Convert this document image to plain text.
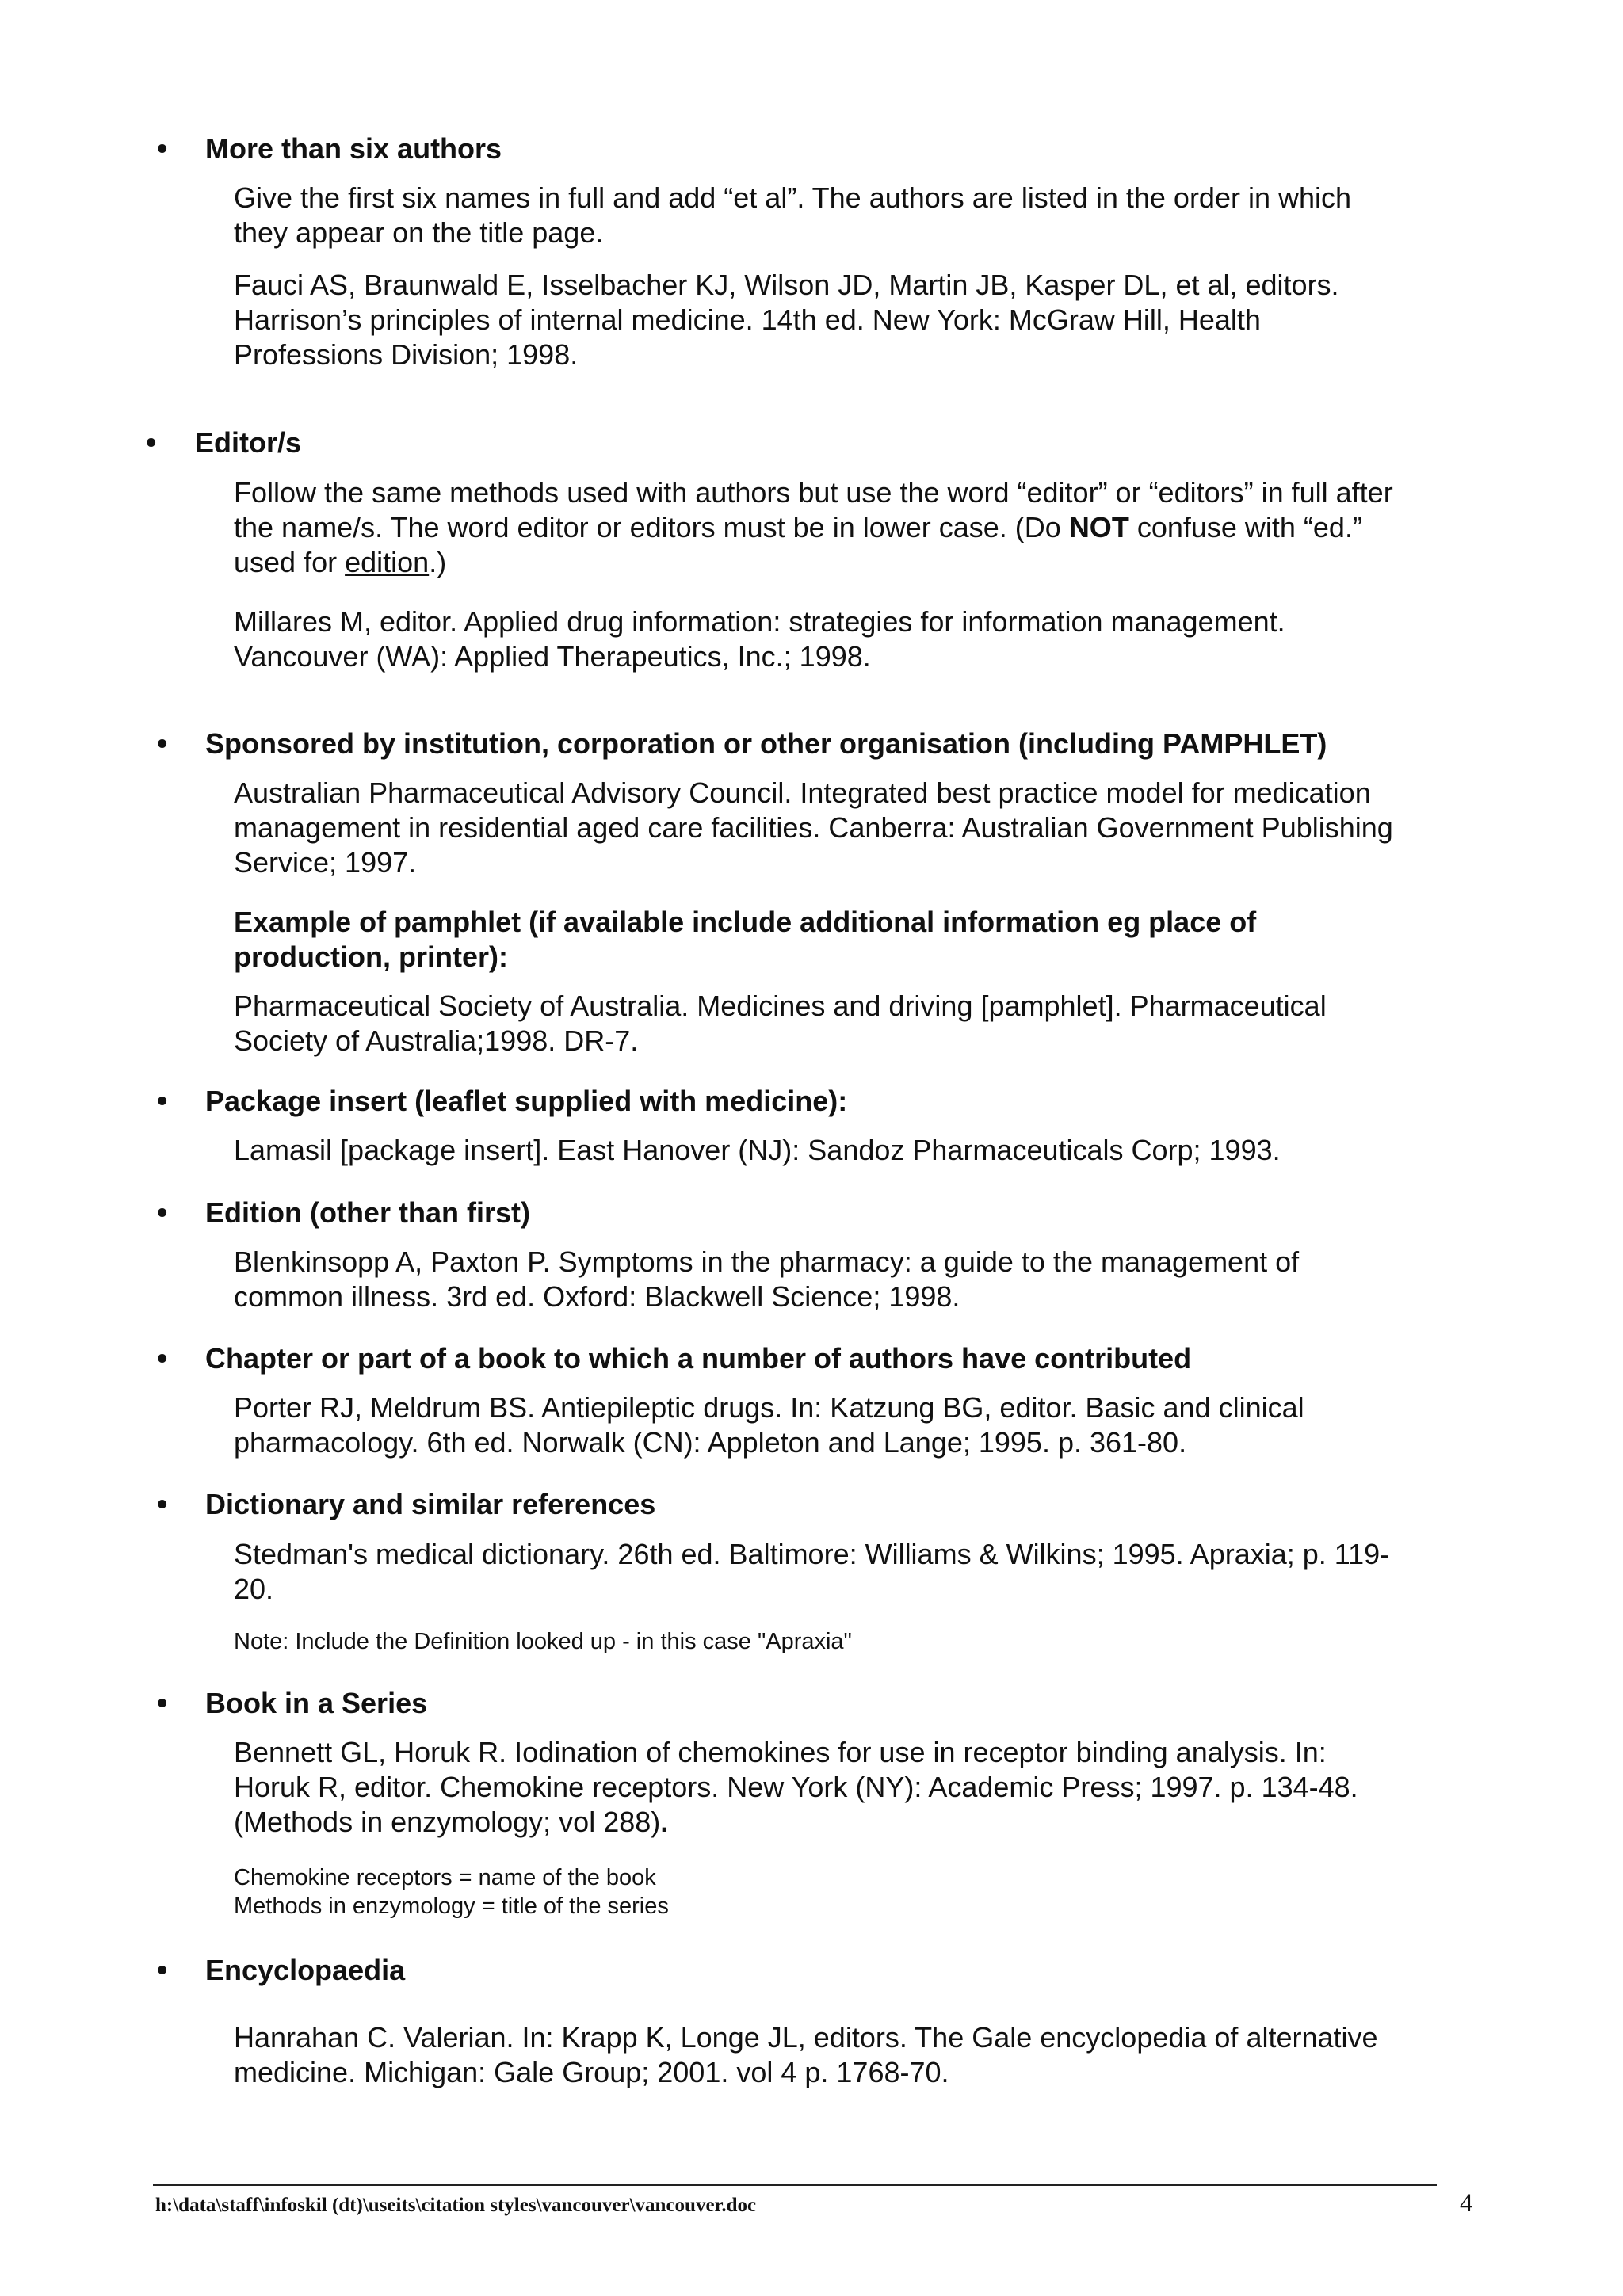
• More than six authors
Give the first six names in full and add “et al”. The authors are listed in the order in which
they appear on the title page.
Fauci AS, Braunwald E, Isselbacher KJ, Wilson JD, Martin JB, Kasper DL, et al, editors.
Harrison’s principles of internal medicine. 14th ed. New York: McGraw Hill, Health
Professions Division; 1998.
• Editor/s
Follow the same methods used with authors but use the word “editor” or “editors” in full after
the name/s. The word editor or editors must be in lower case. (Do NOT confuse with “ed.”
used for edition.)
Millares M, editor. Applied drug information: strategies for information management.
Vancouver (WA): Applied Therapeutics, Inc.; 1998.
• Sponsored by institution, corporation or other organisation (including PAMPHLET)
Australian Pharmaceutical Advisory Council. Integrated best practice model for medication
management in residential aged care facilities. Canberra: Australian Government Publishing
Service; 1997.
Example of pamphlet (if available include additional information eg place of
production, printer):
Pharmaceutical Society of Australia. Medicines and driving [pamphlet]. Pharmaceutical
Society of Australia;1998. DR-7.
• Package insert (leaflet supplied with medicine):
Lamasil [package insert]. East Hanover (NJ): Sandoz Pharmaceuticals Corp; 1993.
• Edition (other than first)
Blenkinsopp A, Paxton P. Symptoms in the pharmacy: a guide to the management of
common illness. 3rd ed. Oxford: Blackwell Science; 1998.
• Chapter or part of a book to which a number of authors have contributed
Porter RJ, Meldrum BS. Antiepileptic drugs. In: Katzung BG, editor. Basic and clinical
pharmacology. 6th ed. Norwalk (CN): Appleton and Lange; 1995. p. 361-80.
• Dictionary and similar references
Stedman's medical dictionary. 26th ed. Baltimore: Williams & Wilkins; 1995. Apraxia; p. 119-
20.
Note: Include the Definition looked up - in this case "Apraxia"
• Book in a Series
Bennett GL, Horuk R. Iodination of chemokines for use in receptor binding analysis. In:
Horuk R, editor. Chemokine receptors. New York (NY): Academic Press; 1997. p. 134-48.
(Methods in enzymology; vol 288).
Chemokine receptors = name of the book
Methods in enzymology = title of the series
• Encyclopaedia
Hanrahan C. Valerian. In: Krapp K, Longe JL, editors. The Gale encyclopedia of alternative
medicine. Michigan: Gale Group; 2001. vol 4 p. 1768-70.
h:\data\staff\infoskil (dt)\useits\citation styles\vancouver\vancouver.doc	4
